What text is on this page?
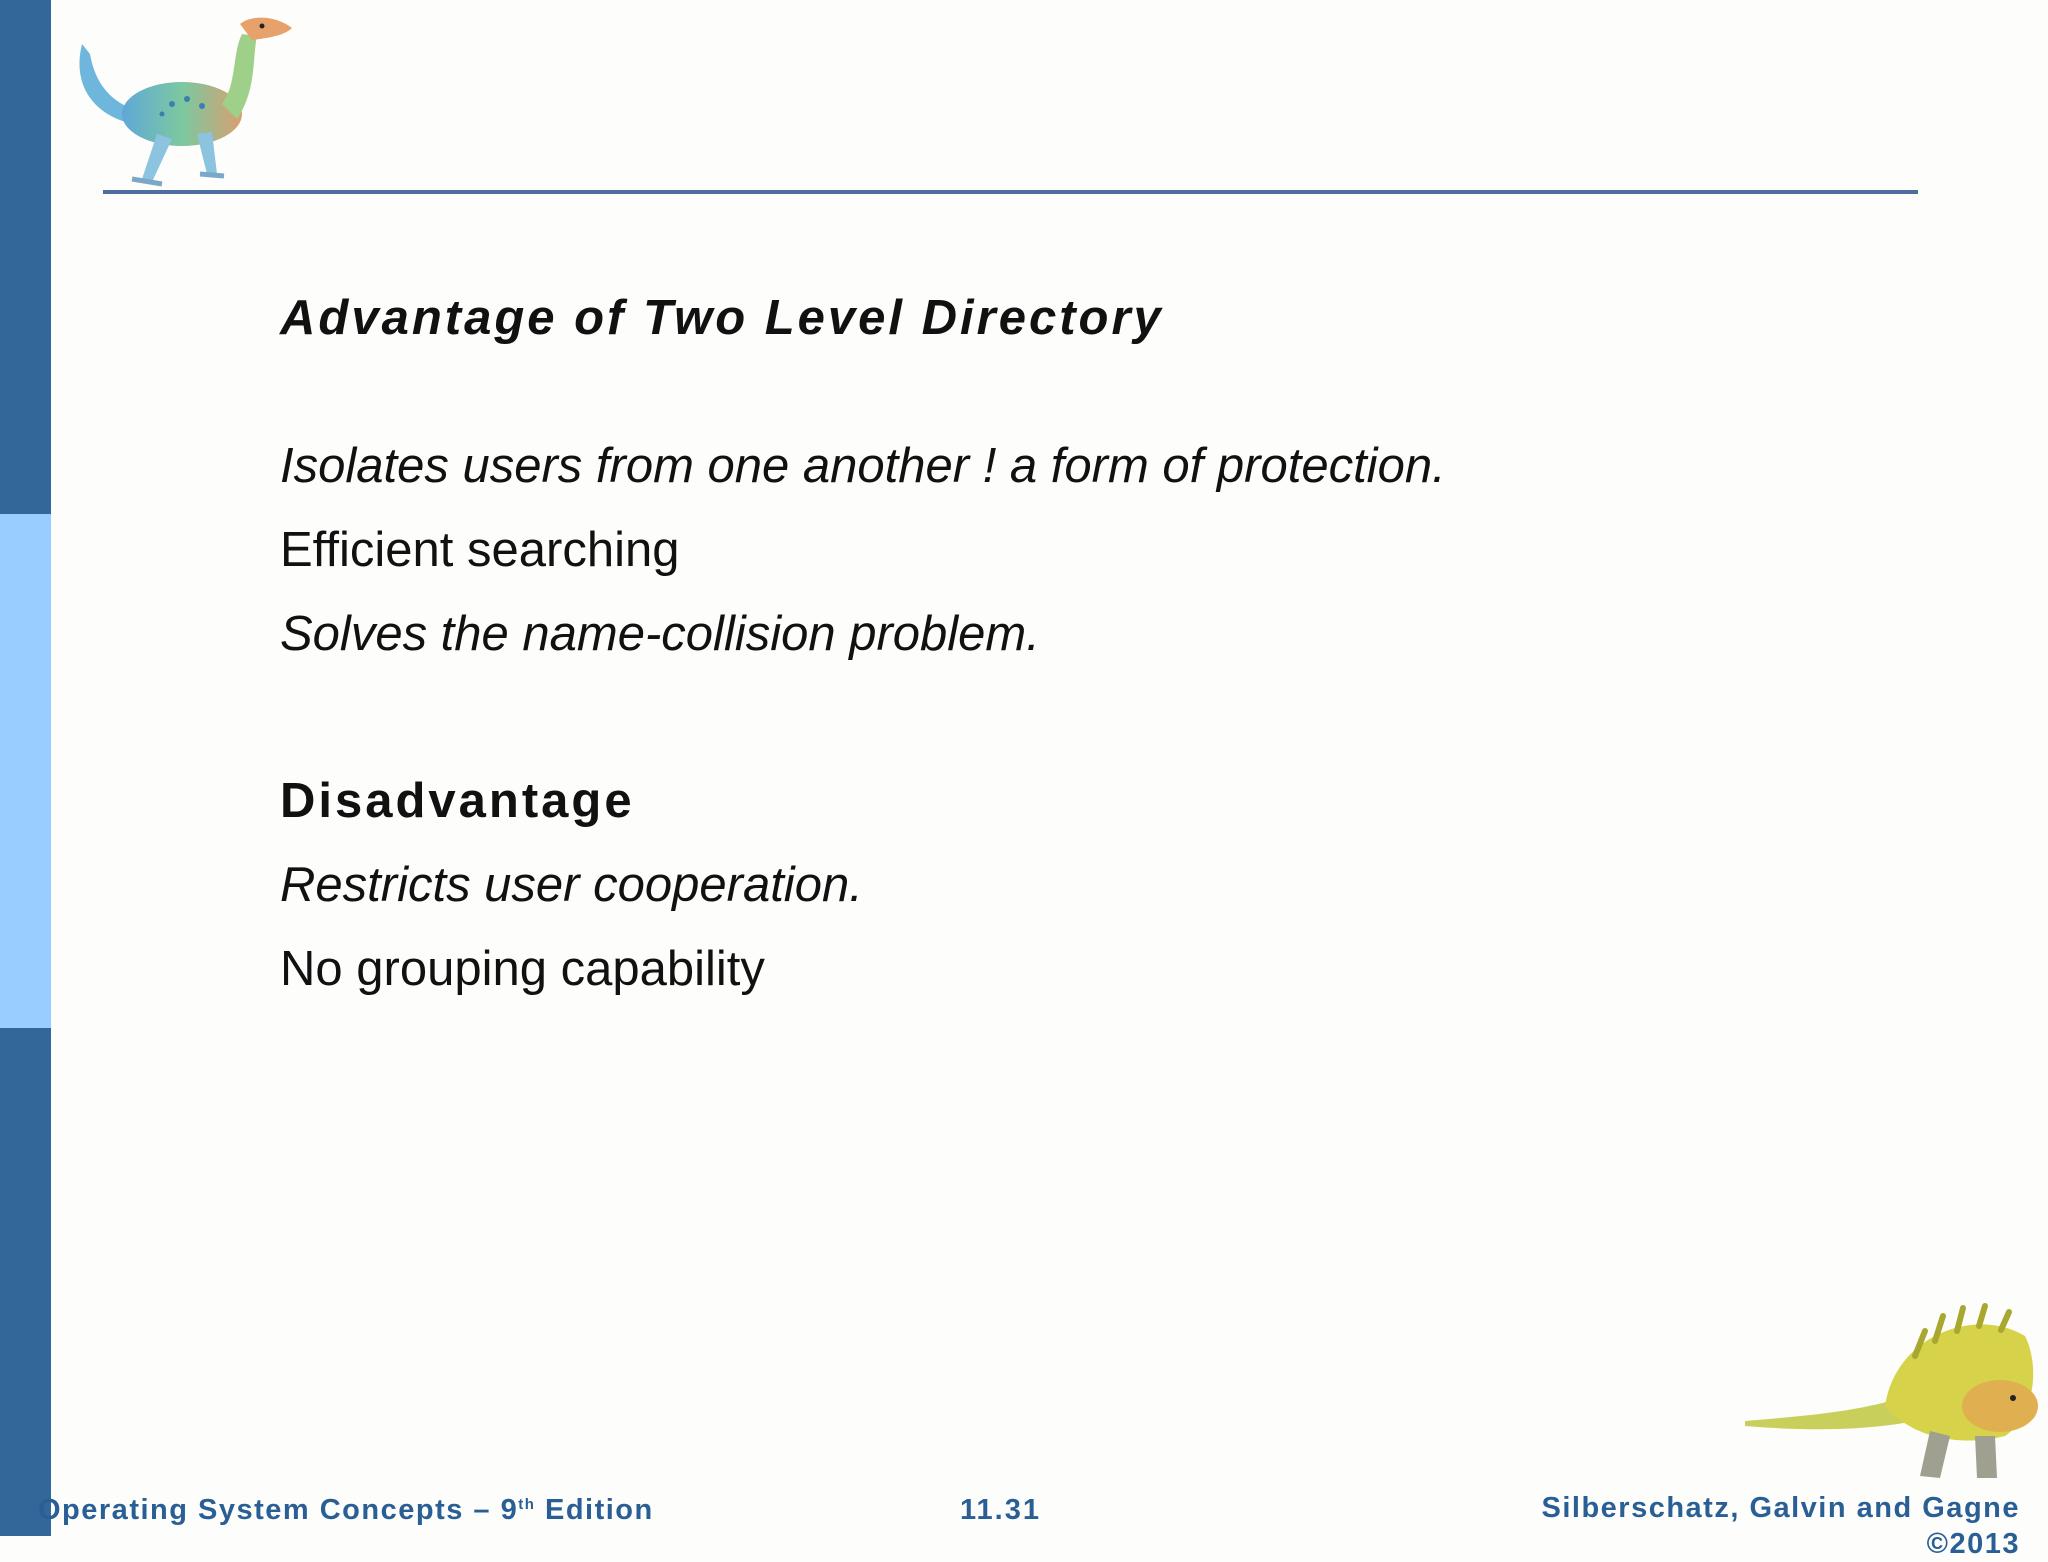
Advantage of Two Level Directory
Isolates users from one another ! a form of protection.
Efficient searching
Solves the name-collision problem.
Disadvantage
Restricts user cooperation.
No grouping capability
Operating System Concepts – 9th Edition	11.31	Silberschatz, Galvin and Gagne
©2013
